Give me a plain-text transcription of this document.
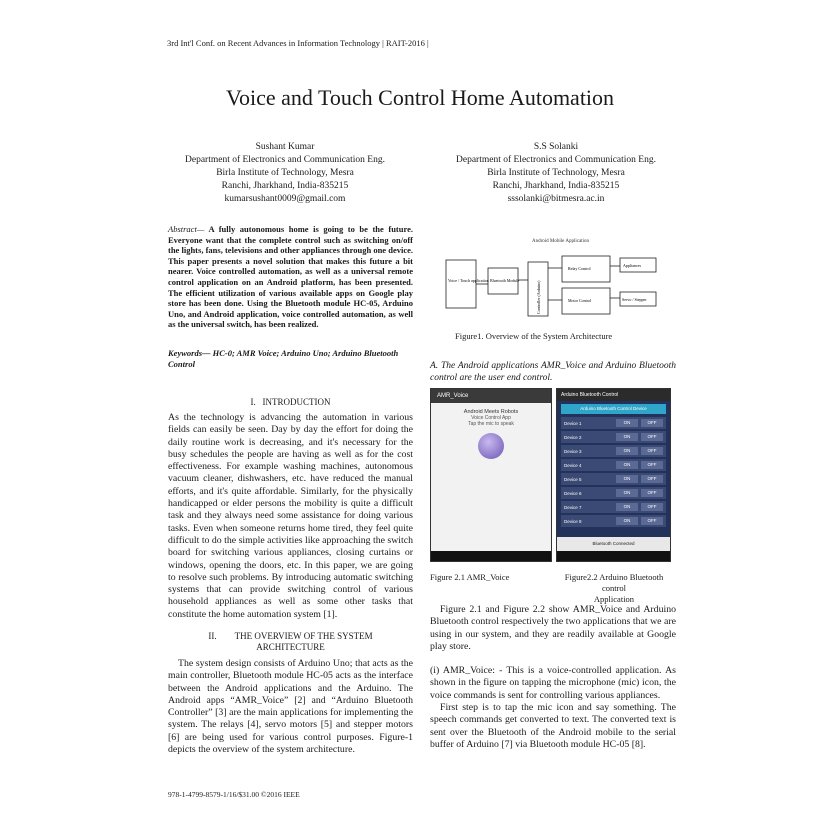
3rd Int'l Conf. on Recent Advances in Information Technology | RAIT-2016 |
Voice and Touch Control Home Automation
Sushant Kumar
Department of Electronics and Communication Eng.
Birla Institute of Technology, Mesra
Ranchi, Jharkhand, India-835215
kumarsushant0009@gmail.com
S.S Solanki
Department of Electronics and Communication Eng.
Birla Institute of Technology, Mesra
Ranchi, Jharkhand, India-835215
sssolanki@bitmesra.ac.in
Abstract— A fully autonomous home is going to be the future. Everyone want that the complete control such as switching on/off the lights, fans, televisions and other appliances through one device. This paper presents a novel solution that makes this future a bit nearer. Voice controlled automation, as well as a universal remote control application on an Android platform, has been presented. The efficient utilization of various available apps on Google play store has been done. Using the Bluetooth module HC-05, Arduino Uno, and Android application, voice controlled automation, as well as the universal switch, has been realized.
Keywords— HC-0; AMR Voice; Arduino Uno; Arduino Bluetooth Control
I. INTRODUCTION

As the technology is advancing the automation in various fields can easily be seen. Day by day the effort for doing the daily routine work is decreasing, and it's necessary for the busy schedules the people are having as well as for the cost effectiveness. For example washing machines, autonomous vacuum cleaner, dishwashers, etc. have reduced the manual efforts, and it's quite affordable. Similarly, for the physically handicapped or elder persons the mobility is quite a difficult task and they always need some assistance for doing various tasks. Even when someone returns home tired, they feel quite difficult to do the simple activities like approaching the switch board for switching various appliances, closing curtains or windows, opening the doors, etc. In this paper, we are going to resolve such problems. By introducing automatic switching systems that can provide switching control of various household appliances as well as some other tasks that constitute the home automation system [1].

II. THE OVERVIEW OF THE SYSTEM
ARCHITECTURE

The system design consists of Arduino Uno; that acts as the main controller, Bluetooth module HC-05 acts as the interface between the Android applications and the Arduino. The Android apps “AMR_Voice” [2] and “Arduino Bluetooth Controller” [3] are the main applications for implementing the system. The relays [4], servo motors [5] and stepper motors [6] are being used for various control purposes. Figure-1 depicts the overview of the system architecture.

Android Mobile Application
Voice / Touch application Bluetooth Module
Controller (Arduino)
Relay Control
Motor Control
Appliances
Servo / Stepper
Figure1. Overview of the System Architecture
A. The Android applications AMR_Voice and Arduino Bluetooth control are the user end control.
AMR_Voice
Android Meets Robots
Voice Control App
Tap the mic to speak
Arduino Bluetooth Control
Arduino Bluetooth Control Device
Device 1	ON	OFF
Device 2	ON	OFF
Device 3	ON	OFF
Device 4	ON	OFF
Device 5	ON	OFF
Device 6	ON	OFF
Device 7	ON	OFF
Device 8	ON	OFF
Bluetooth Connected
Figure 2.1 AMR_Voice	Figure2.2 Arduino Bluetooth control
Application

Figure 2.1 and Figure 2.2 show AMR_Voice and Arduino Bluetooth control respectively the two applications that we are using in our system, and they are readily available at Google play store.

(i) AMR_Voice: - This is a voice-controlled application. As shown in the figure on tapping the microphone (mic) icon, the voice commands is sent for controlling various appliances.

First step is to tap the mic icon and say something. The speech commands get converted to text. The converted text is sent over the Bluetooth of the Android mobile to the serial buffer of Arduino [7] via Bluetooth module HC-05 [8].

978-1-4799-8579-1/16/$31.00 ©2016 IEEE
